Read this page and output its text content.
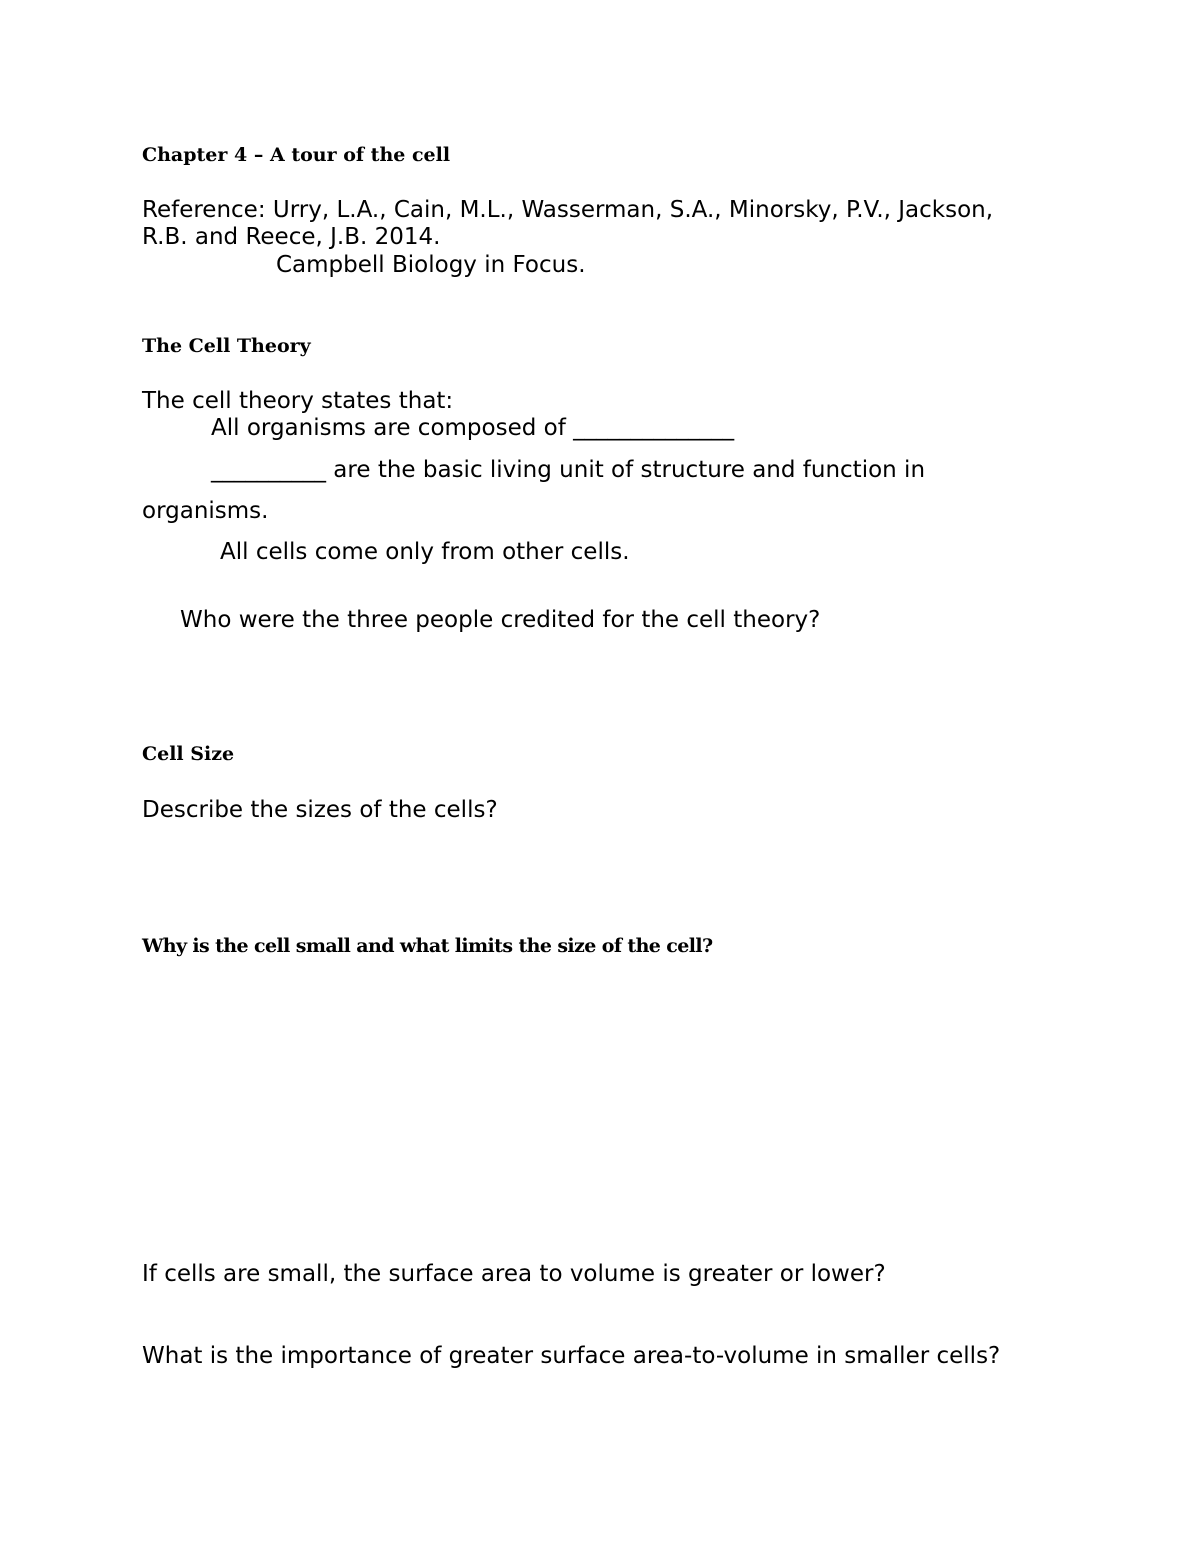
Chapter 4 – A tour of the cell
Reference: Urry, L.A., Cain, M.L., Wasserman, S.A., Minorsky, P.V., Jackson,
R.B. and Reece, J.B. 2014.
Campbell Biology in Focus.
The Cell Theory
The cell theory states that:
All organisms are composed of ______________
__________ are the basic living unit of structure and function in
organisms.
All cells come only from other cells.
Who were the three people credited for the cell theory?
Cell Size
Describe the sizes of the cells?
Why is the cell small and what limits the size of the cell?
If cells are small, the surface area to volume is greater or lower?
What is the importance of greater surface area-to-volume in smaller cells?
